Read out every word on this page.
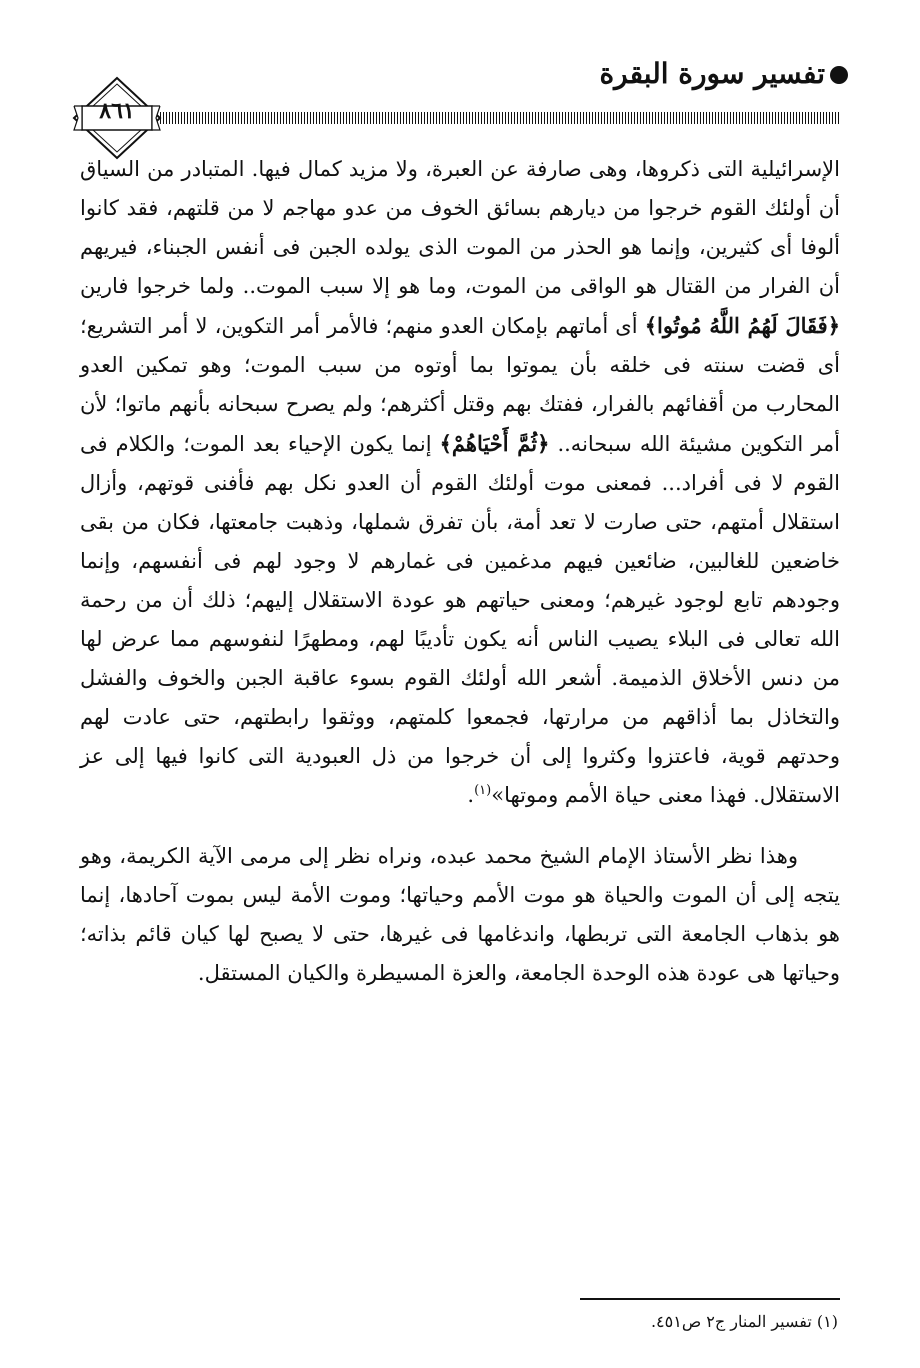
تفسير سورة البقرة
٨٦١

الإسرائيلية التى ذكروها، وهى صارفة عن العبرة، ولا مزيد كمال فيها. المتبادر من السياق أن أولئك القوم خرجوا من ديارهم بسائق الخوف من عدو مهاجم لا من قلتهم، فقد كانوا ألوفا أى كثيرين، وإنما هو الحذر من الموت الذى يولده الجبن فى أنفس الجبناء، فيريهم أن الفرار من القتال هو الواقى من الموت، وما هو إلا سبب الموت.. ولما خرجوا فارين ﴿فَقَالَ لَهُمُ اللَّهُ مُوتُوا﴾ أى أماتهم بإمكان العدو منهم؛ فالأمر أمر التكوين، لا أمر التشريع؛ أى قضت سنته فى خلقه بأن يموتوا بما أوتوه من سبب الموت؛ وهو تمكين العدو المحارب من أقفائهم بالفرار، ففتك بهم وقتل أكثرهم؛ ولم يصرح سبحانه بأنهم ماتوا؛ لأن أمر التكوين مشيئة الله سبحانه.. ﴿ثُمَّ أَحْيَاهُمْ﴾ إنما يكون الإحياء بعد الموت؛ والكلام فى القوم لا فى أفراد... فمعنى موت أولئك القوم أن العدو نكل بهم فأفنى قوتهم، وأزال استقلال أمتهم، حتى صارت لا تعد أمة، بأن تفرق شملها، وذهبت جامعتها، فكان من بقى خاضعين للغالبين، ضائعين فيهم مدغمين فى غمارهم لا وجود لهم فى أنفسهم، وإنما وجودهم تابع لوجود غيرهم؛ ومعنى حياتهم هو عودة الاستقلال إليهم؛ ذلك أن من رحمة الله تعالى فى البلاء يصيب الناس أنه يكون تأديبًا لهم، ومطهرًا لنفوسهم مما عرض لها من دنس الأخلاق الذميمة. أشعر الله أولئك القوم بسوء عاقبة الجبن والخوف والفشل والتخاذل بما أذاقهم من مرارتها، فجمعوا كلمتهم، ووثقوا رابطتهم، حتى عادت لهم وحدتهم قوية، فاعتزوا وكثروا إلى أن خرجوا من ذل العبودية التى كانوا فيها إلى عز الاستقلال. فهذا معنى حياة الأمم وموتها»$^{(١)}$.

وهذا نظر الأستاذ الإمام الشيخ محمد عبده، ونراه نظر إلى مرمى الآية الكريمة، وهو يتجه إلى أن الموت والحياة هو موت الأمم وحياتها؛ وموت الأمة ليس بموت آحادها، إنما هو بذهاب الجامعة التى تربطها، واندغامها فى غيرها، حتى لا يصبح لها كيان قائم بذاته؛ وحياتها هى عودة هذه الوحدة الجامعة، والعزة المسيطرة والكيان المستقل.

(١) تفسير المنار ج٢ ص٤٥١.
